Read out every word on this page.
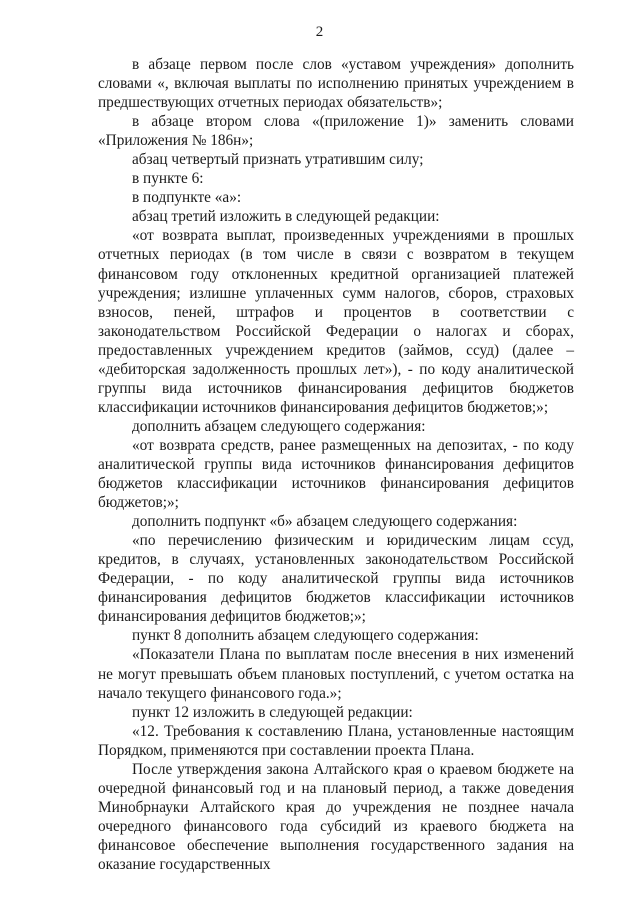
2

в абзаце первом после слов «уставом учреждения» дополнить словами «, включая выплаты по исполнению принятых учреждением в предшествующих отчетных периодах обязательств»;

в абзаце втором слова «(приложение 1)» заменить словами «Приложения № 186н»;

абзац четвертый признать утратившим силу;

в пункте 6:

в подпункте «а»:

абзац третий изложить в следующей редакции:

«от возврата выплат, произведенных учреждениями в прошлых отчетных периодах (в том числе в связи с возвратом в текущем финансовом году отклоненных кредитной организацией платежей учреждения; излишне уплаченных сумм налогов, сборов, страховых взносов, пеней, штрафов и процентов в соответствии с законодательством Российской Федерации о налогах и сборах, предоставленных учреждением кредитов (займов, ссуд) (далее – «дебиторская задолженность прошлых лет»), - по коду аналитической группы вида источников финансирования дефицитов бюджетов классификации источников финансирования дефицитов бюджетов;»;

дополнить абзацем следующего содержания:

«от возврата средств, ранее размещенных на депозитах, - по коду аналитической группы вида источников финансирования дефицитов бюджетов классификации источников финансирования дефицитов бюджетов;»;

дополнить подпункт «б» абзацем следующего содержания:

«по перечислению физическим и юридическим лицам ссуд, кредитов, в случаях, установленных законодательством Российской Федерации, - по коду аналитической группы вида источников финансирования дефицитов бюджетов классификации источников финансирования дефицитов бюджетов;»;

пункт 8 дополнить абзацем следующего содержания:

«Показатели Плана по выплатам после внесения в них изменений не могут превышать объем плановых поступлений, с учетом остатка на начало текущего финансового года.»;

пункт 12 изложить в следующей редакции:

«12. Требования к составлению Плана, установленные настоящим Порядком, применяются при составлении проекта Плана.

После утверждения закона Алтайского края о краевом бюджете на очередной финансовый год и на плановый период, а также доведения Минобрнауки Алтайского края до учреждения не позднее начала очередного финансового года субсидий из краевого бюджета на финансовое обеспечение выполнения государственного задания на оказание государственных
